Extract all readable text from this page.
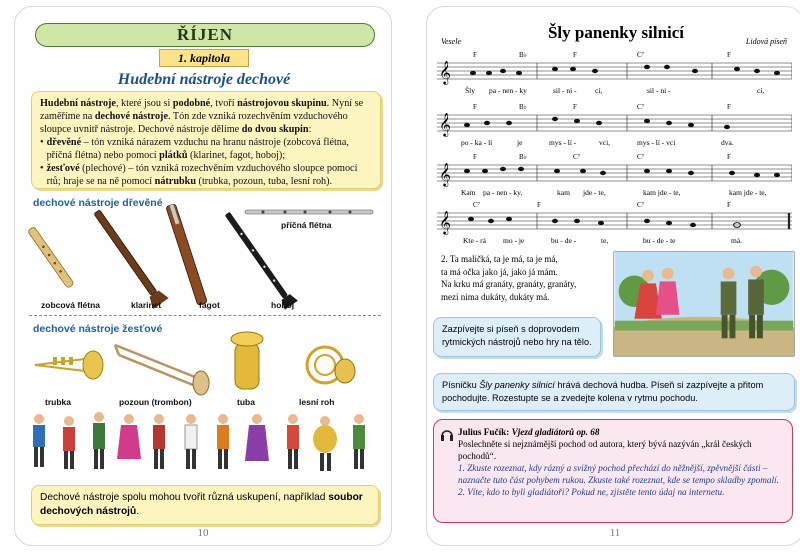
ŘÍJEN
1. kapitola
Hudební nástroje dechové
Hudební nástroje, které jsou si podobné, tvoří nástrojovou skupinu. Nyní se zaměříme na dechové nástroje. Tón zde vzniká rozechvěním vzduchového sloupce uvnitř nástroje. Dechové nástroje dělíme do dvou skupin:
• dřevěné – tón vzniká nárazem vzduchu na hranu nástroje (zobcová flétna, příčná flétna) nebo pomocí plátků (klarinet, fagot, hoboj);
• žesťové (plechové) – tón vzniká rozechvěním vzduchového sloupce pomocí rtů; hraje se na ně pomocí nátrubku (trubka, pozoun, tuba, lesní roh).
dechové nástroje dřevěné
příčná flétna
zobcová flétna	klarinet	fagot	hoboj
dechové nástroje žesťové
trubka	pozoun (trombon)	tuba	lesní roh
Dechové nástroje spolu mohou tvořit různá uskupení, například soubor dechových nástrojů.
10
Vesele	Šly panenky silnicí	Lidová píseň
𝄞
F	B♭	F	C⁷	F
Šly pa - nen - ky	sil - ni - cí,	sil - ni -	cí,
𝄞
F	B♭	F	C⁷	F
po - ka - li	je	mys - lí -	vci,	mys - lí - vci	dva.
𝄞
F	B♭	C⁷	C⁷	F
Kam pa - nen - ky,	kam jde - te,	kam jde - te,	kam jde - te,
𝄞
C⁷	F	C⁷	F
Kte - rá mo - je	bu - de -	te,	bu - de - te	má.
2. Ta maličká, ta je má, ta je má,
ta má očka jako já, jako já mám.
Na krku má granáty, granáty, granáty,
mezi nima dukáty, dukáty má.
Zazpívejte si píseň s doprovodem rytmických nástrojů nebo hry na tělo.
Písničku Šly panenky silnicí hrává dechová hudba. Píseň si zazpívejte a přitom pochodujte. Rozestupte se a zvedejte kolena v rytmu pochodu.
Julius Fučík: Vjezd gladiátorů op. 68
Poslechněte si nejznámější pochod od autora, který bývá nazýván „král českých pochodů“.
1. Zkuste rozeznat, kdy rázný a svižný pochod přechází do něžnější, zpěvnější části – naznačte tuto část pohybem rukou. Zkuste také rozeznat, kde se tempo skladby zpomalí.
2. Víte, kdo to byli gladiátoři? Pokud ne, zjistěte tento údaj na internetu.
11
